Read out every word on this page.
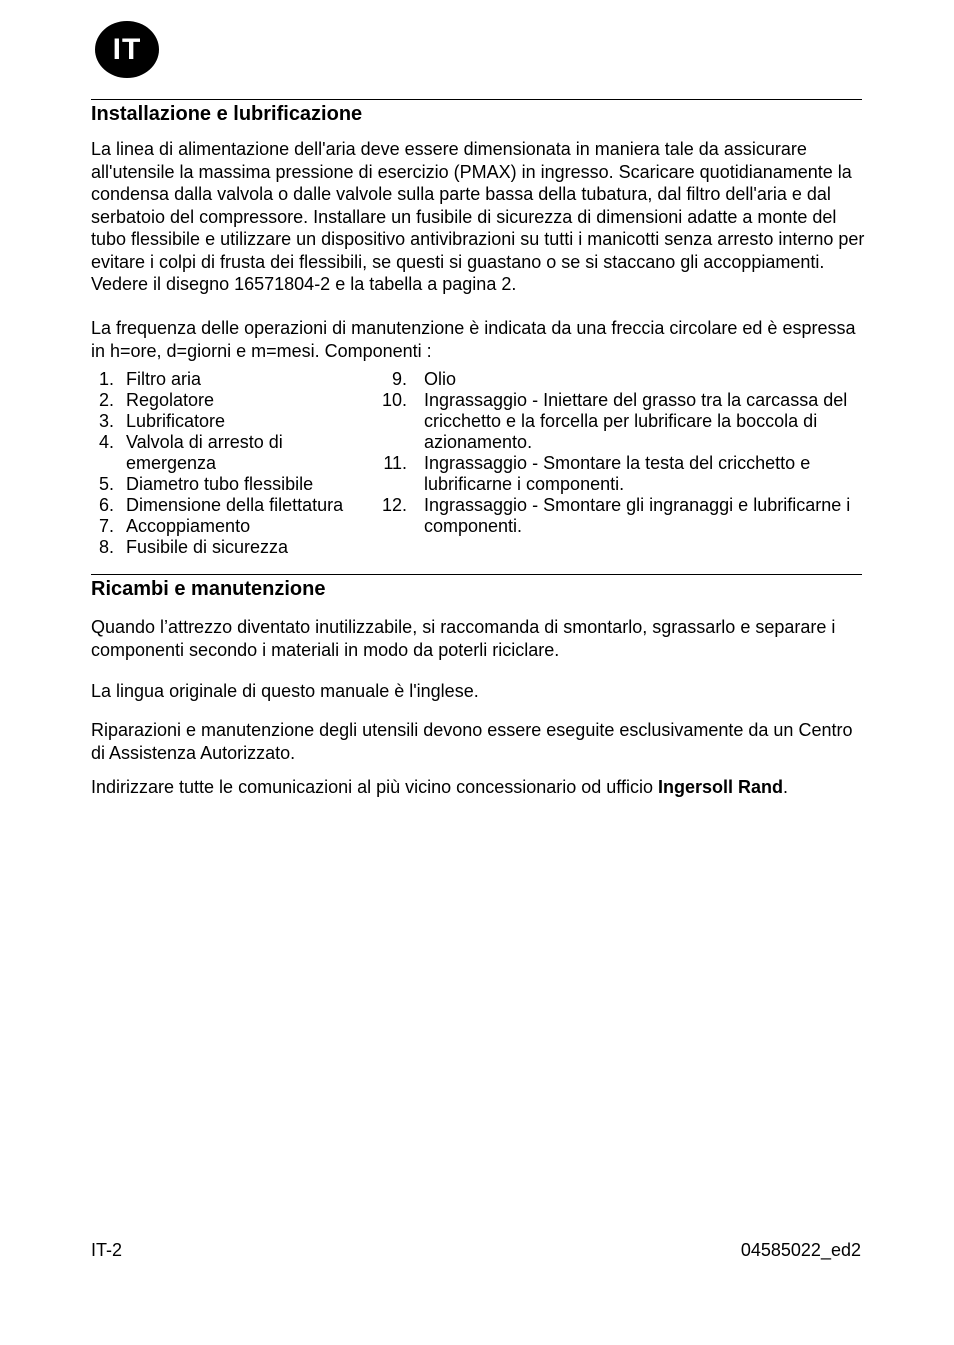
IT
Installazione e lubrificazione

La linea di alimentazione dell'aria deve essere dimensionata in maniera tale da assicurare all'utensile la massima pressione di esercizio (PMAX) in ingresso. Scaricare quotidianamente la condensa dalla valvola o dalle valvole sulla parte bassa della tubatura, dal filtro dell'aria e dal serbatoio del compressore. Installare un fusibile di sicurezza di dimensioni adatte a monte del tubo flessibile e utilizzare un dispositivo antivibrazioni su tutti i manicotti senza arresto interno per evitare i colpi di frusta dei flessibili, se questi si guastano o se si staccano gli accoppiamenti. Vedere il disegno 16571804-2 e la tabella a pagina 2.

La frequenza delle operazioni di manutenzione è indicata da una freccia circolare ed è espressa in h=ore, d=giorni e m=mesi. Componenti :

1. Filtro aria
2. Regolatore
3. Lubrificatore
4. Valvola di arresto di emergenza
5. Diametro tubo flessibile
6. Dimensione della filettatura
7. Accoppiamento
8. Fusibile di sicurezza
9. Olio
10. Ingrassaggio - Iniettare del grasso tra la carcassa del cricchetto e la forcella per lubrificare la boccola di azionamento.
11. Ingrassaggio - Smontare la testa del cricchetto e lubrificarne i componenti.
12. Ingrassaggio - Smontare gli ingranaggi e lubrificarne i componenti.
Ricambi e manutenzione

Quando l’attrezzo diventato inutilizzabile, si raccomanda di smontarlo, sgrassarlo e separare i componenti secondo i materiali in modo da poterli riciclare.

La lingua originale di questo manuale è l'inglese.

Riparazioni e manutenzione degli utensili devono essere eseguite esclusivamente da un Centro di Assistenza Autorizzato.

Indirizzare tutte le comunicazioni al più vicino concessionario od ufficio Ingersoll Rand.

IT-2	04585022_ed2
